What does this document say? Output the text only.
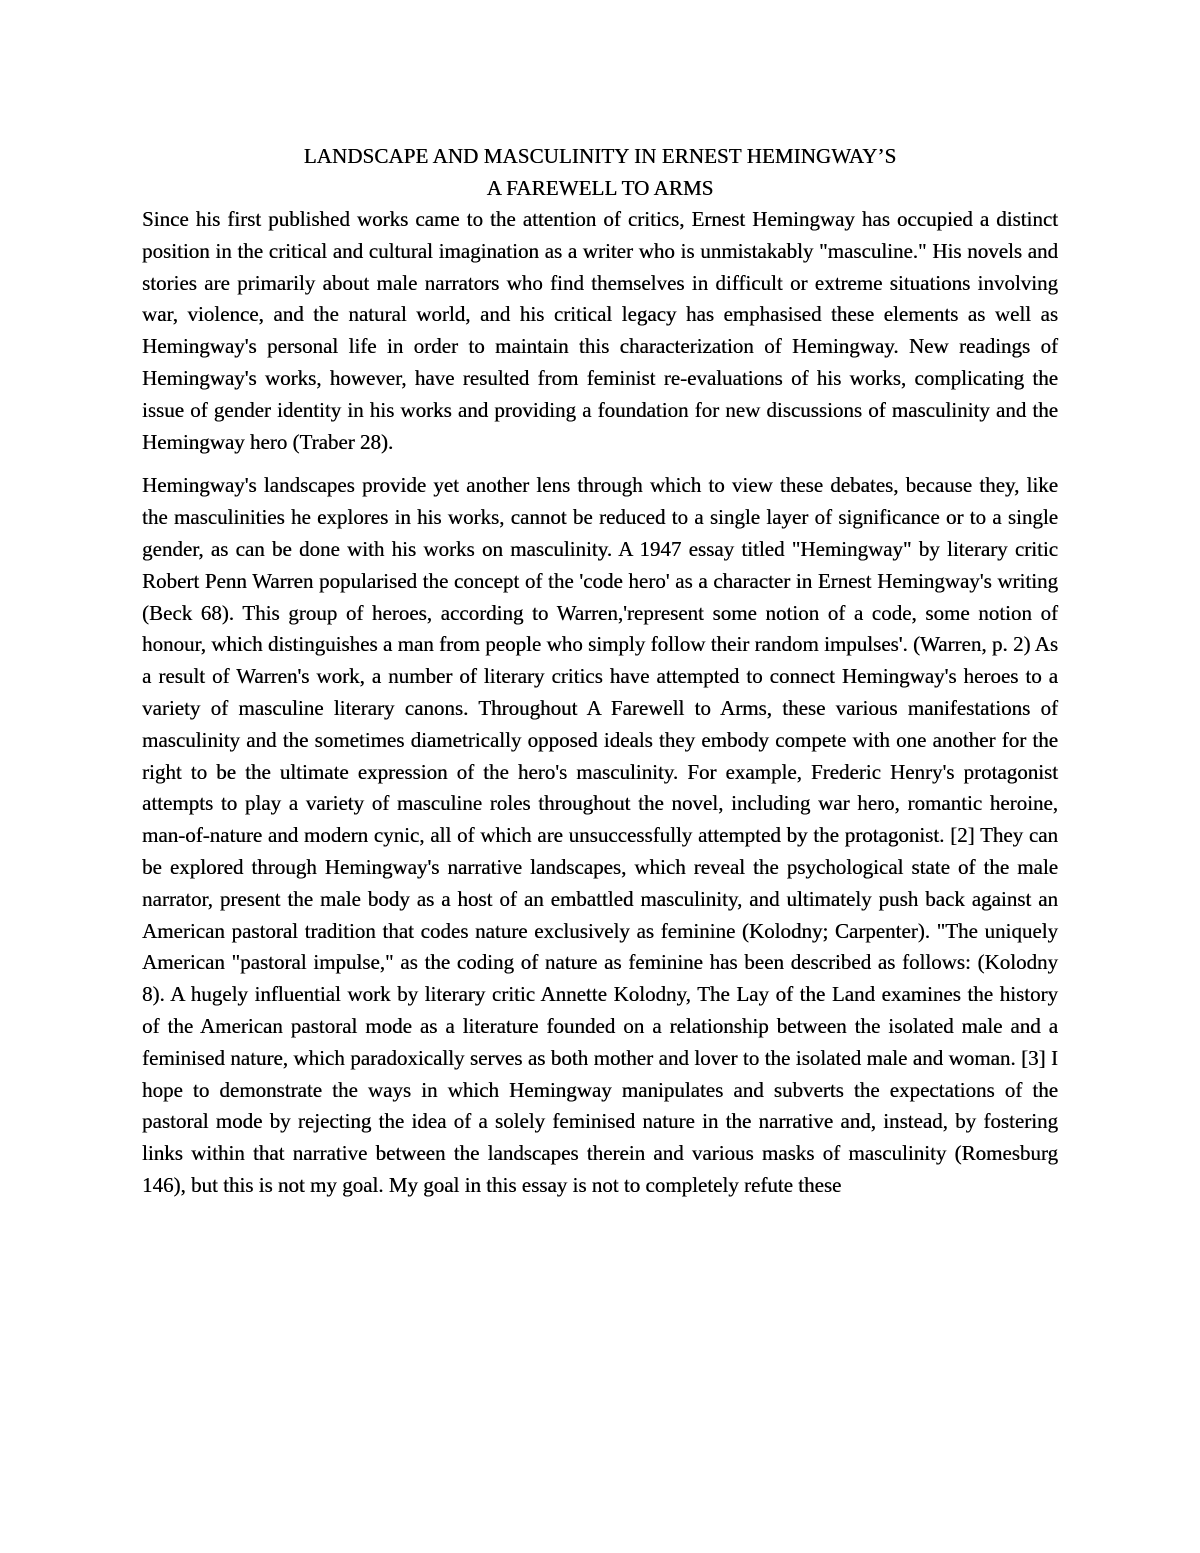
LANDSCAPE AND MASCULINITY IN ERNEST HEMINGWAY’S
A FAREWELL TO ARMS

Since his first published works came to the attention of critics, Ernest Hemingway has occupied a distinct position in the critical and cultural imagination as a writer who is unmistakably "masculine." His novels and stories are primarily about male narrators who find themselves in difficult or extreme situations involving war, violence, and the natural world, and his critical legacy has emphasised these elements as well as Hemingway's personal life in order to maintain this characterization of Hemingway. New readings of Hemingway's works, however, have resulted from feminist re-evaluations of his works, complicating the issue of gender identity in his works and providing a foundation for new discussions of masculinity and the Hemingway hero (Traber 28).

Hemingway's landscapes provide yet another lens through which to view these debates, because they, like the masculinities he explores in his works, cannot be reduced to a single layer of significance or to a single gender, as can be done with his works on masculinity. A 1947 essay titled "Hemingway" by literary critic Robert Penn Warren popularised the concept of the 'code hero' as a character in Ernest Hemingway's writing (Beck 68). This group of heroes, according to Warren,'represent some notion of a code, some notion of honour, which distinguishes a man from people who simply follow their random impulses'. (Warren, p. 2) As a result of Warren's work, a number of literary critics have attempted to connect Hemingway's heroes to a variety of masculine literary canons. Throughout A Farewell to Arms, these various manifestations of masculinity and the sometimes diametrically opposed ideals they embody compete with one another for the right to be the ultimate expression of the hero's masculinity. For example, Frederic Henry's protagonist attempts to play a variety of masculine roles throughout the novel, including war hero, romantic heroine, man-of-nature and modern cynic, all of which are unsuccessfully attempted by the protagonist. [2] They can be explored through Hemingway's narrative landscapes, which reveal the psychological state of the male narrator, present the male body as a host of an embattled masculinity, and ultimately push back against an American pastoral tradition that codes nature exclusively as feminine (Kolodny; Carpenter). "The uniquely American "pastoral impulse," as the coding of nature as feminine has been described as follows: (Kolodny 8). A hugely influential work by literary critic Annette Kolodny, The Lay of the Land examines the history of the American pastoral mode as a literature founded on a relationship between the isolated male and a feminised nature, which paradoxically serves as both mother and lover to the isolated male and woman. [3] I hope to demonstrate the ways in which Hemingway manipulates and subverts the expectations of the pastoral mode by rejecting the idea of a solely feminised nature in the narrative and, instead, by fostering links within that narrative between the landscapes therein and various masks of masculinity (Romesburg 146), but this is not my goal. My goal in this essay is not to completely refute these
